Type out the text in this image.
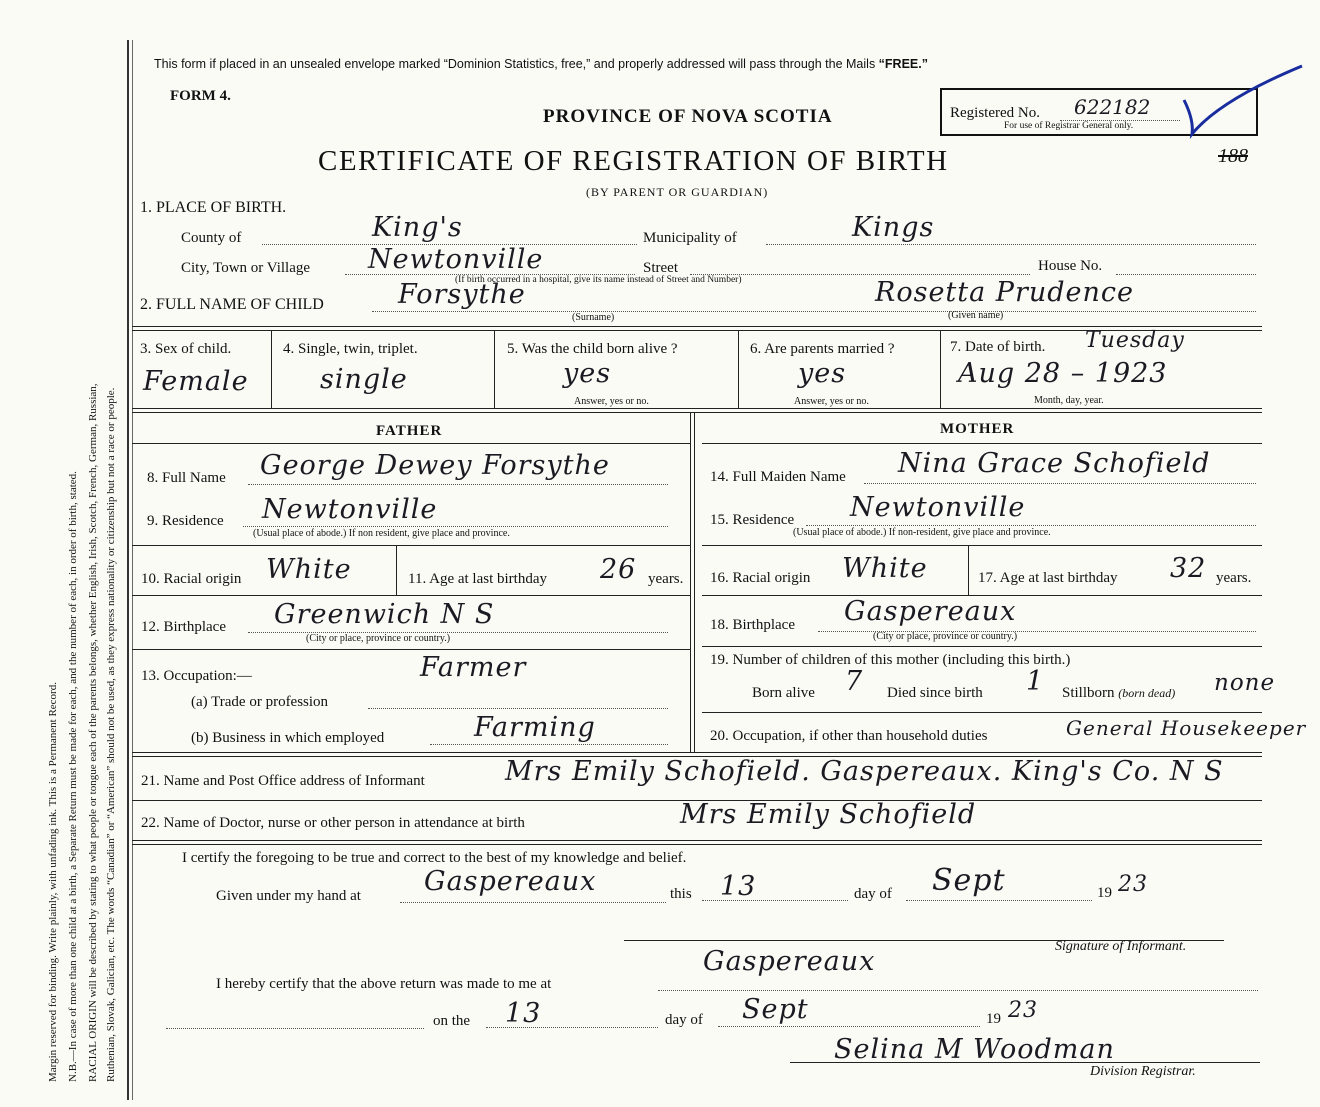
Margin reserved for binding. Write plainly, with unfading ink. This is a Permanent Record. N.B.—In case of more than one child at a birth, a Separate Return must be made for each, and the number of each, in order of birth, stated. RACIAL ORIGIN will be described by stating to what people or tongue each of the parents belongs, whether English, Irish, Scotch, French, German, Russian, Ruthenian, Slovak, Galician, etc. The words “Canadian” or “American” should not be used, as they express nationality or citizenship but not a race or people.
This form if placed in an unsealed envelope marked “Dominion Statistics, free,” and properly addressed will pass through the Mails “FREE.”
FORM 4.
PROVINCE OF NOVA SCOTIA
CERTIFICATE OF REGISTRATION OF BIRTH
(BY PARENT OR GUARDIAN)
Registered No. 622182
For use of Registrar General only.
188
1. PLACE OF BIRTH.
County of	King's	Municipality of	Kings
City, Town or Village Newtonville
(If birth occurred in a hospital, give its name instead of Street and Number)
Street	House No.
2. FULL NAME OF CHILD	Forsythe
(Surname)
Rosetta Prudence
(Given name)
3. Sex of child.
Female
4. Single, twin, triplet.
single
5. Was the child born alive ?
yes
Answer, yes or no.
6. Are parents married ?
yes
Answer, yes or no.
7. Date of birth. Tuesday
Aug 28 – 1923
Month, day, year.
FATHER	MOTHER
8. Full Name George Dewey Forsythe
9. Residence Newtonville
(Usual place of abode.) If non resident, give place and province.
10. Racial origin White	11. Age at last birthday 26 years.
12. Birthplace Greenwich N S
(City or place, province or country.)
13. Occupation:—	Farmer
(a) Trade or profession
(b) Business in which employed	Farming
14. Full Maiden Name Nina Grace Schofield
15. Residence Newtonville
(Usual place of abode.) If non-resident, give place and province.
16. Racial origin White	17. Age at last birthday 32 years.
18. Birthplace Gaspereaux
(City or place, province or country.)
19. Number of children of this mother (including this birth.)
Born alive 7 Died since birth 1 Stillborn (born dead) none
20. Occupation, if other than household duties	General Housekeeper
21. Name and Post Office address of Informant	Mrs Emily Schofield. Gaspereaux. King's Co. N S
22. Name of Doctor, nurse or other person in attendance at birth	Mrs Emily Schofield
I certify the foregoing to be true and correct to the best of my knowledge and belief.
Given under my hand at Gaspereaux	this 13	day of Sept	19 23
Signature of Informant.
I hereby certify that the above return was made to me at
Gaspereaux
on the 13	day of Sept	19 23
Selina M Woodman
Division Registrar.
